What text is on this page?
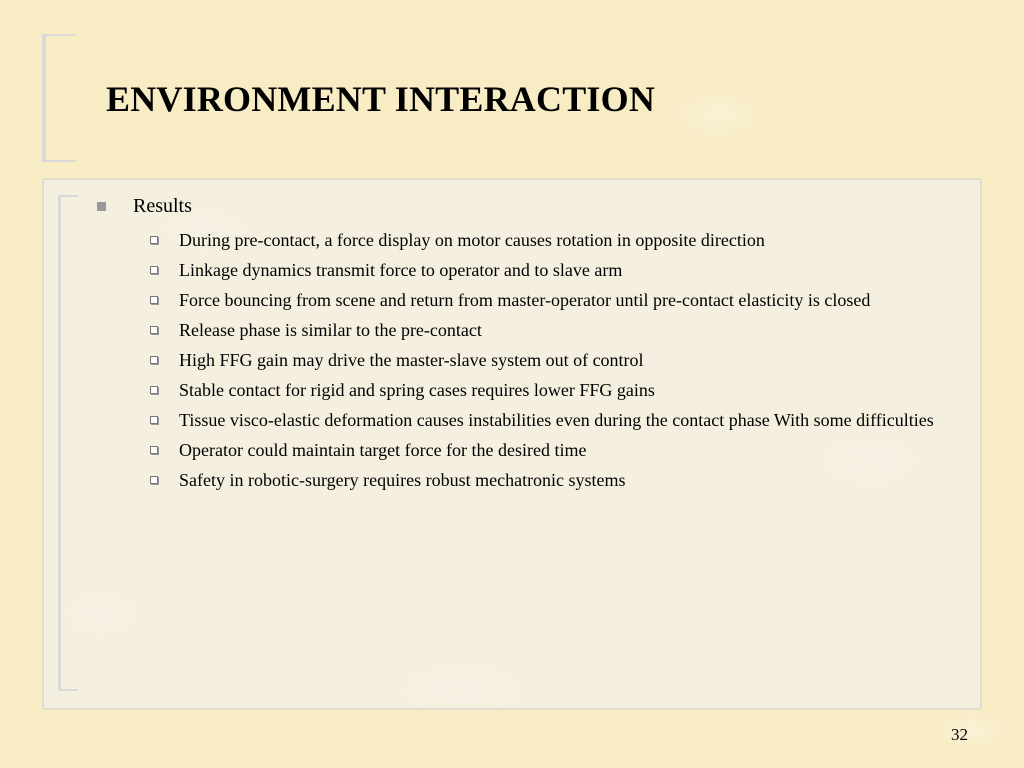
ENVIRONMENT INTERACTION
Results
During pre-contact, a force display on motor causes rotation in opposite direction
Linkage dynamics transmit force to operator and to slave arm
Force bouncing from scene and return from master-operator until pre-contact elasticity is closed
Release phase is similar to the pre-contact
High FFG gain may drive the master-slave system out of control
Stable contact for rigid and spring cases requires lower FFG gains
Tissue visco-elastic deformation causes instabilities even during the contact phase With some difficulties
Operator could maintain target force for the desired time
Safety in robotic-surgery requires robust mechatronic systems
32
